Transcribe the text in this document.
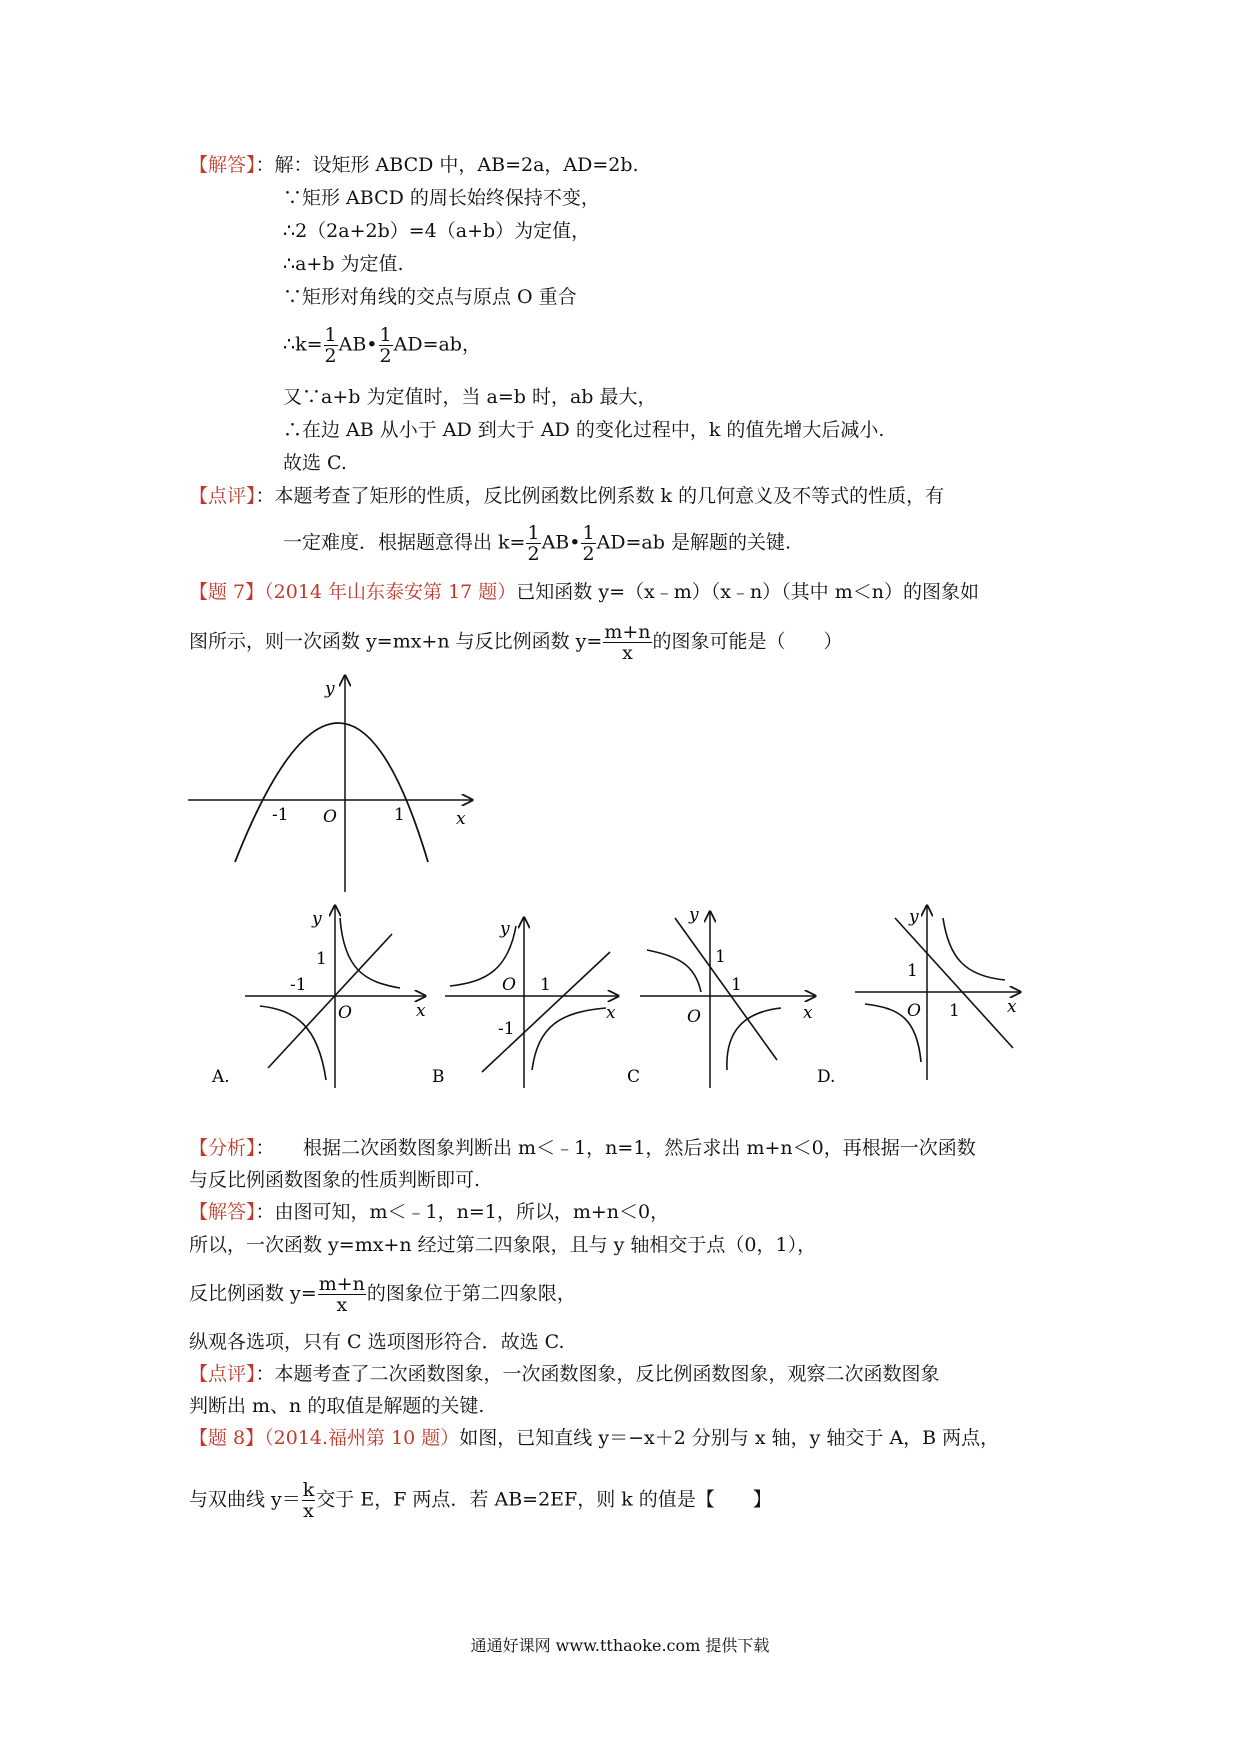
【解答】：解：设矩形 ABCD 中，AB=2a，AD=2b.
∵矩形 ABCD 的周长始终保持不变，
∴2（2a+2b）=4（a+b）为定值，
∴a+b 为定值.
∵矩形对角线的交点与原点 O 重合
∴k= $\frac{1}{2}$ AB• $\frac{1}{2} AD=ab$，
又∵a+b 为定值时，当 a=b 时，ab 最大，
∴在边 AB 从小于 AD 到大于 AD 的变化过程中，k 的值先增大后减小.
故选 C.
【点评】：本题考查了矩形的性质，反比例函数比例系数 k 的几何意义及不等式的性质，有
一定难度．根据题意得出 $k= \frac{1}{2}$ AB• $\frac{1}{2} AD=ab$ 是解题的关键.
【题 7】（2014 年山东泰安第 17 题）已知函数 y=（x﹣m）（x﹣n）（其中 m＜n）的图象如
图所示，则一次函数 y=mx+n 与反比例函数 $y= \frac{m+n}{x}$ 的图象可能是（　　）
y
x
O
-1	1
y
x
O
1
-1
A.
y
x
O 1
-1
B
y
x
O
1
1
C
y
x
O
1
1
D.
【分析】：　　根据二次函数图象判断出 m＜﹣1，n=1，然后求出 m+n＜0，再根据一次函数
与反比例函数图象的性质判断即可.
【解答】：由图可知，m＜﹣1，n=1，所以，m+n＜0，
所以，一次函数 y=mx+n 经过第二四象限，且与 y 轴相交于点（0，1），
反比例函数 $y= \frac{m+n}{x}$ 的图象位于第二四象限，
纵观各选项，只有 C 选项图形符合．故选 C.
【点评】：本题考查了二次函数图象，一次函数图象，反比例函数图象，观察二次函数图象
判断出 m、n 的取值是解题的关键.
【题 8】（2014.福州第 10 题）如图，已知直线 y＝−x＋2 分别与 x 轴，y 轴交于 A，B 两点，
与双曲线 $y= \frac{k}{x}$ 交于 E，F 两点．若 AB=2EF，则 k 的值是【　　】
通通好课网 www.tthaoke.com 提供下载
